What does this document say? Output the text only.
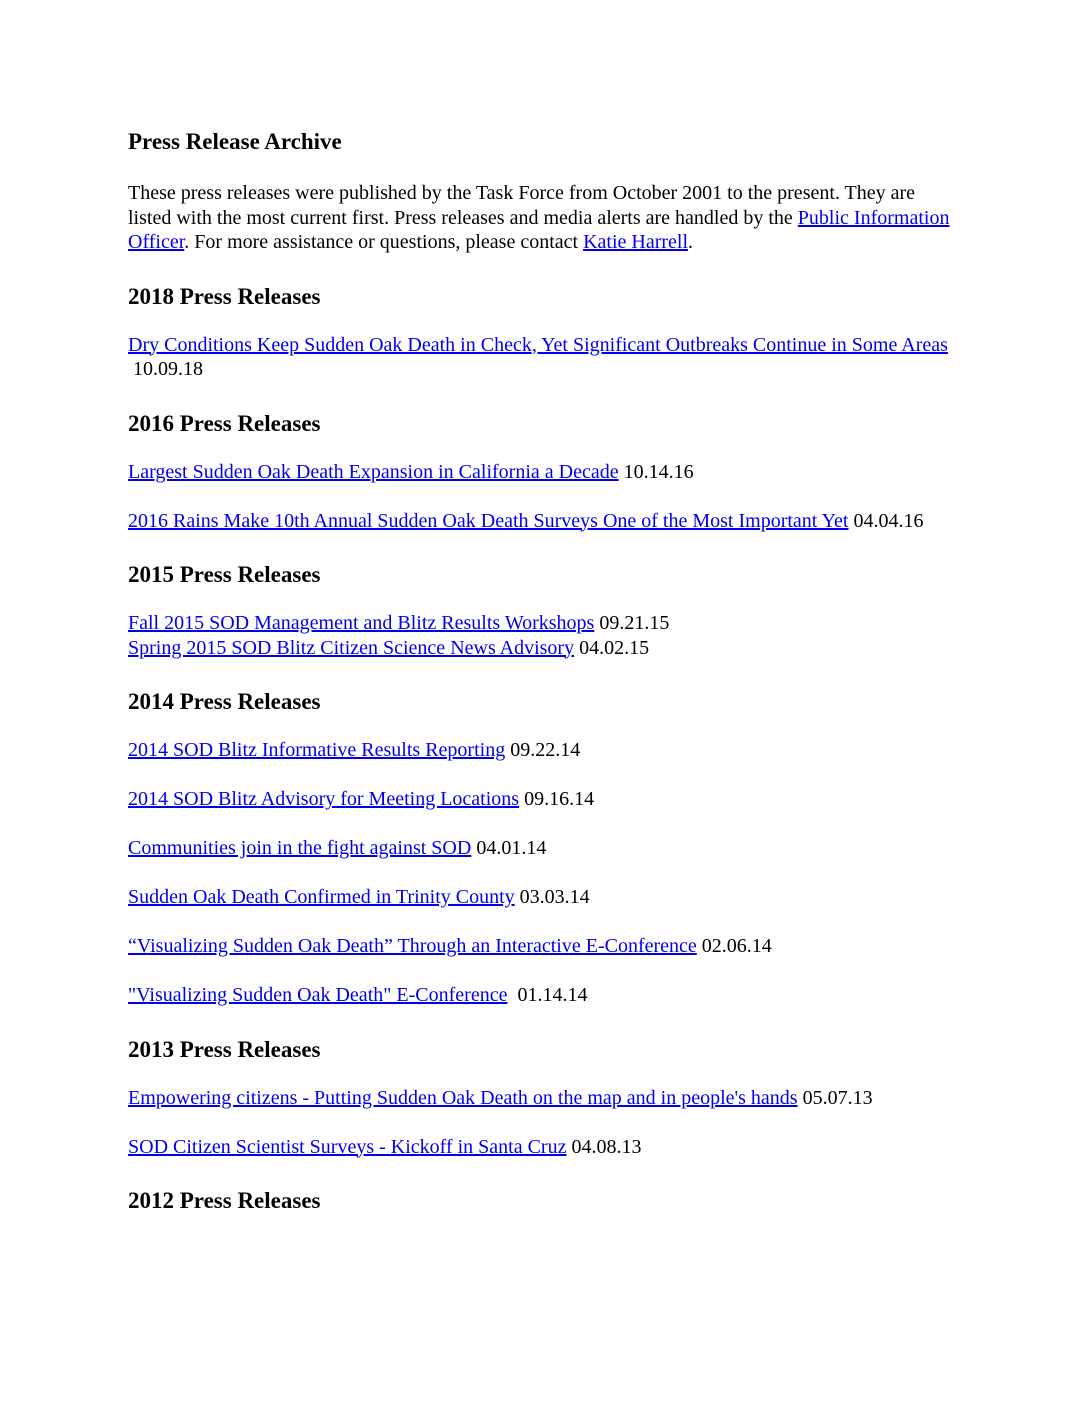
Press Release Archive

These press releases were published by the Task Force from October 2001 to the present. They are listed with the most current first. Press releases and media alerts are handled by the Public Information Officer. For more assistance or questions, please contact Katie Harrell.

2018 Press Releases

Dry Conditions Keep Sudden Oak Death in Check, Yet Significant Outbreaks Continue in Some Areas 10.09.18

2016 Press Releases

Largest Sudden Oak Death Expansion in California a Decade 10.14.16

2016 Rains Make 10th Annual Sudden Oak Death Surveys One of the Most Important Yet 04.04.16

2015 Press Releases

Fall 2015 SOD Management and Blitz Results Workshops 09.21.15

Spring 2015 SOD Blitz Citizen Science News Advisory 04.02.15

2014 Press Releases

2014 SOD Blitz Informative Results Reporting 09.22.14

2014 SOD Blitz Advisory for Meeting Locations 09.16.14

Communities join in the fight against SOD 04.01.14

Sudden Oak Death Confirmed in Trinity County 03.03.14

“Visualizing Sudden Oak Death” Through an Interactive E-Conference 02.06.14

"Visualizing Sudden Oak Death" E-Conference  01.14.14

2013 Press Releases

Empowering citizens - Putting Sudden Oak Death on the map and in people's hands 05.07.13

SOD Citizen Scientist Surveys - Kickoff in Santa Cruz 04.08.13

2012 Press Releases
